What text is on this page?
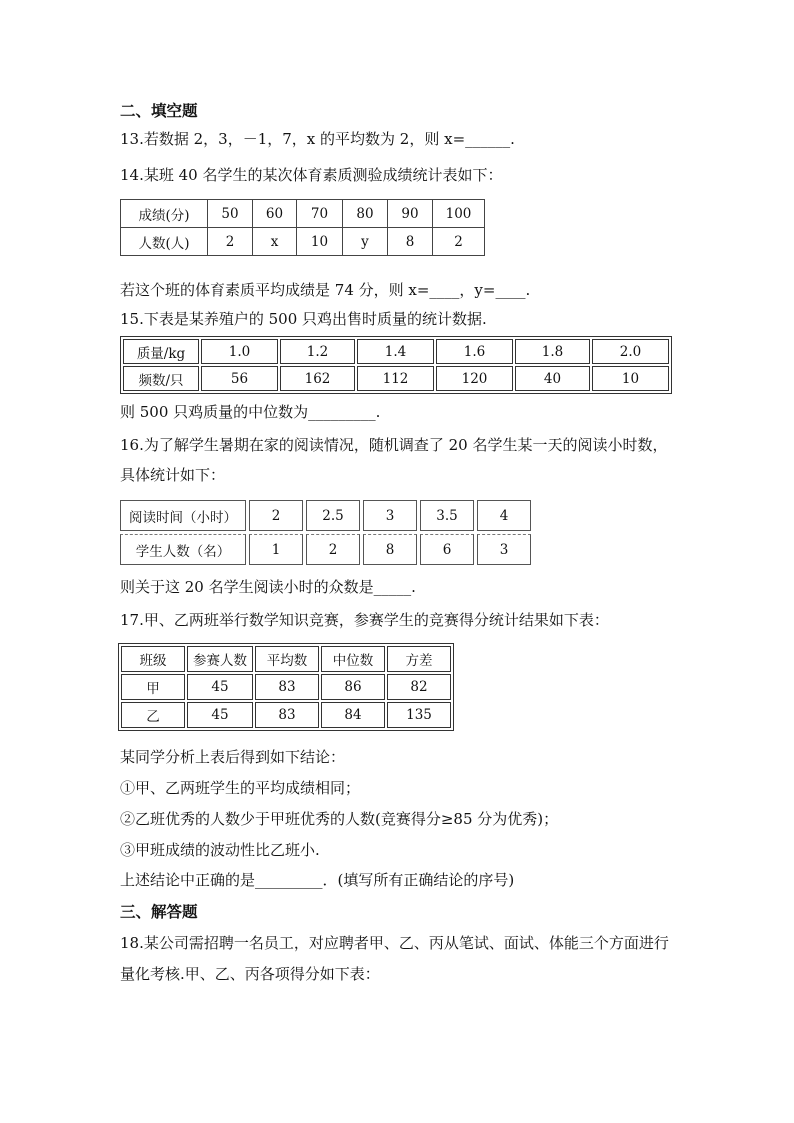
二、填空题
13.若数据 2，3，－1，7，x 的平均数为 2，则 x=______.
14.某班 40 名学生的某次体育素质测验成绩统计表如下：
成绩(分)	50	60	70	80	90	100
人数(人)	2	x	10	y	8	2
若这个班的体育素质平均成绩是 74 分，则 x=____，y=____.
15.下表是某养殖户的 500 只鸡出售时质量的统计数据.
质量/kg	1.0	1.2	1.4	1.6	1.8	2.0
频数/只	56	162	112	120	40	10
则 500 只鸡质量的中位数为_________.
16.为了解学生暑期在家的阅读情况，随机调查了 20 名学生某一天的阅读小时数，
具体统计如下：
阅读时间（小时）	2	2.5	3	3.5	4
学生人数（名）	1	2	8	6	3
则关于这 20 名学生阅读小时的众数是_____.
17.甲、乙两班举行数学知识竞赛，参赛学生的竞赛得分统计结果如下表：
班级	参赛人数	平均数	中位数	方差
甲	45	83	86	82
乙	45	83	84	135
某同学分析上表后得到如下结论：
①甲、乙两班学生的平均成绩相同；
②乙班优秀的人数少于甲班优秀的人数(竞赛得分≥85 分为优秀)；
③甲班成绩的波动性比乙班小.
上述结论中正确的是_________．(填写所有正确结论的序号)
三、解答题
18.某公司需招聘一名员工，对应聘者甲、乙、丙从笔试、面试、体能三个方面进行
量化考核.甲、乙、丙各项得分如下表：
